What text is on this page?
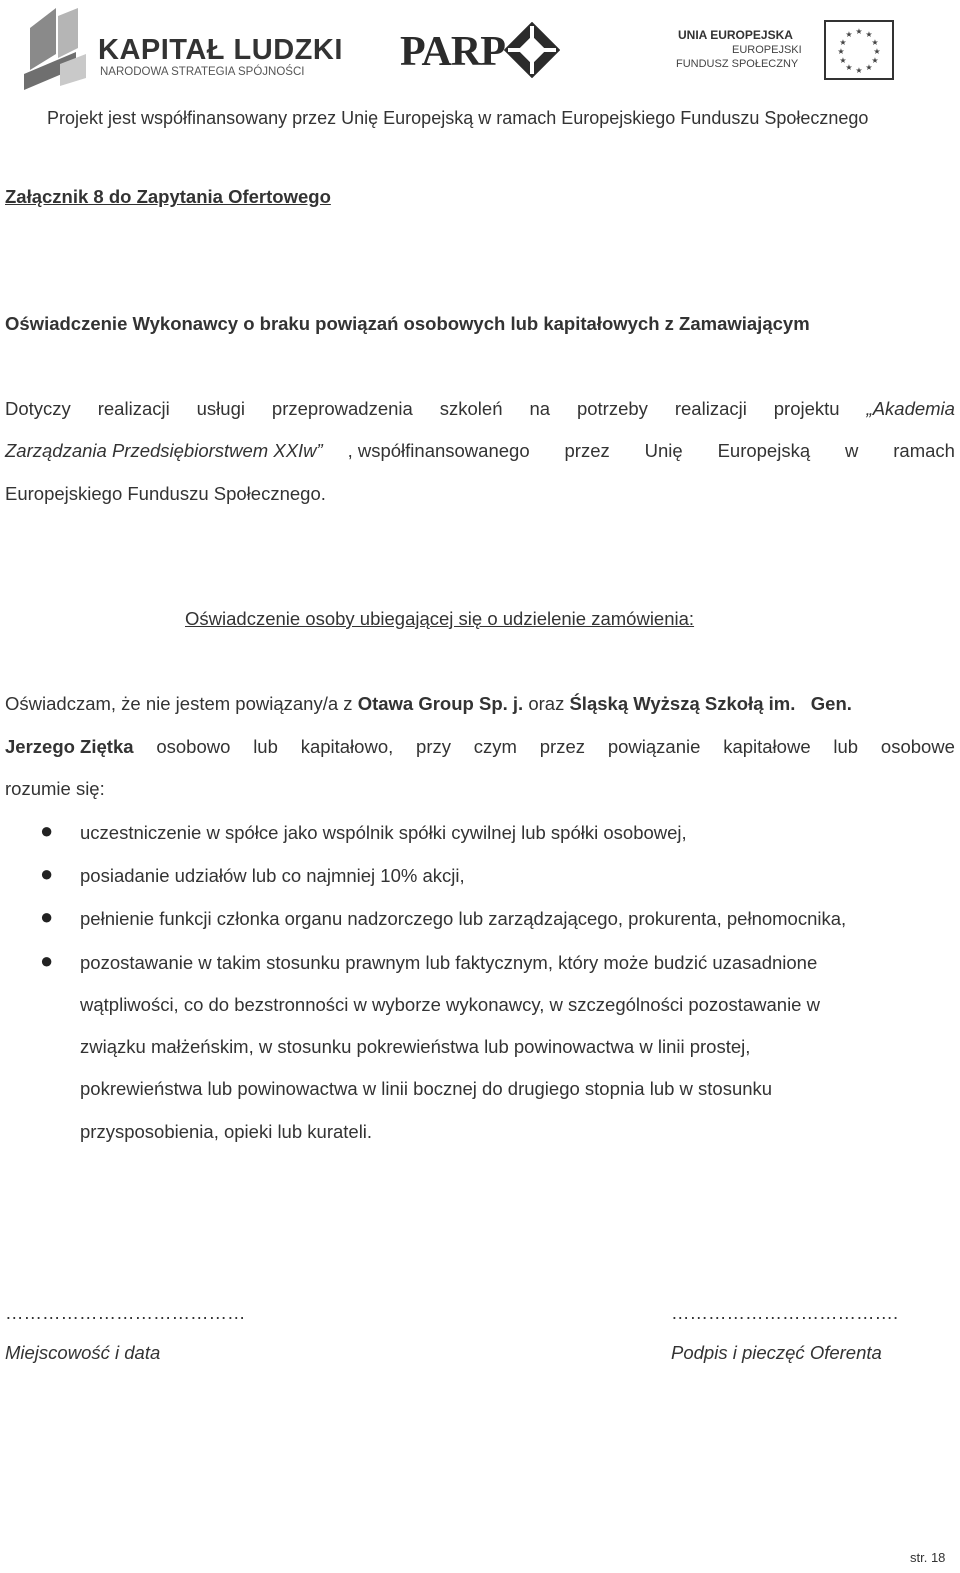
KAPITAŁ LUDZKI
NARODOWA STRATEGIA SPÓJNOŚCI PARP	UNIA EUROPEJSKA
EUROPEJSKI
FUNDUSZ SPOŁECZNY
★ ★
★
★
★
★
★
★
★
★
★
★
Projekt jest współfinansowany przez Unię Europejską w ramach Europejskiego Funduszu Społecznego
Załącznik 8 do Zapytania Ofertowego
Oświadczenie Wykonawcy o braku powiązań osobowych lub kapitałowych z Zamawiającym
Dotyczy realizacji usługi przeprowadzenia szkoleń na potrzeby realizacji projektu „Akademia
Zarządzania Przedsiębiorstwem XXIw” , współfinansowanego przez Unię Europejską w ramach
Europejskiego Funduszu Społecznego.
Oświadczenie osoby ubiegającej się o udzielenie zamówienia:
Oświadczam, że nie jestem powiązany/a z Otawa Group Sp. j. oraz Śląską Wyższą Szkołą im. Gen.
Jerzego Ziętka osobowo lub kapitałowo, przy czym przez powiązanie kapitałowe lub osobowe
rozumie się:
● uczestniczenie w spółce jako wspólnik spółki cywilnej lub spółki osobowej,
● posiadanie udziałów lub co najmniej 10% akcji,
● pełnienie funkcji członka organu nadzorczego lub zarządzającego, prokurenta, pełnomocnika,
● pozostawanie w takim stosunku prawnym lub faktycznym, który może budzić uzasadnione
wątpliwości, co do bezstronności w wyborze wykonawcy, w szczególności pozostawanie w
związku małżeńskim, w stosunku pokrewieństwa lub powinowactwa w linii prostej,
pokrewieństwa lub powinowactwa w linii bocznej do drugiego stopnia lub w stosunku
przysposobienia, opieki lub kurateli.
…………………………………	……………………………….
Miejscowość i data	Podpis i pieczęć Oferenta
str. 18
